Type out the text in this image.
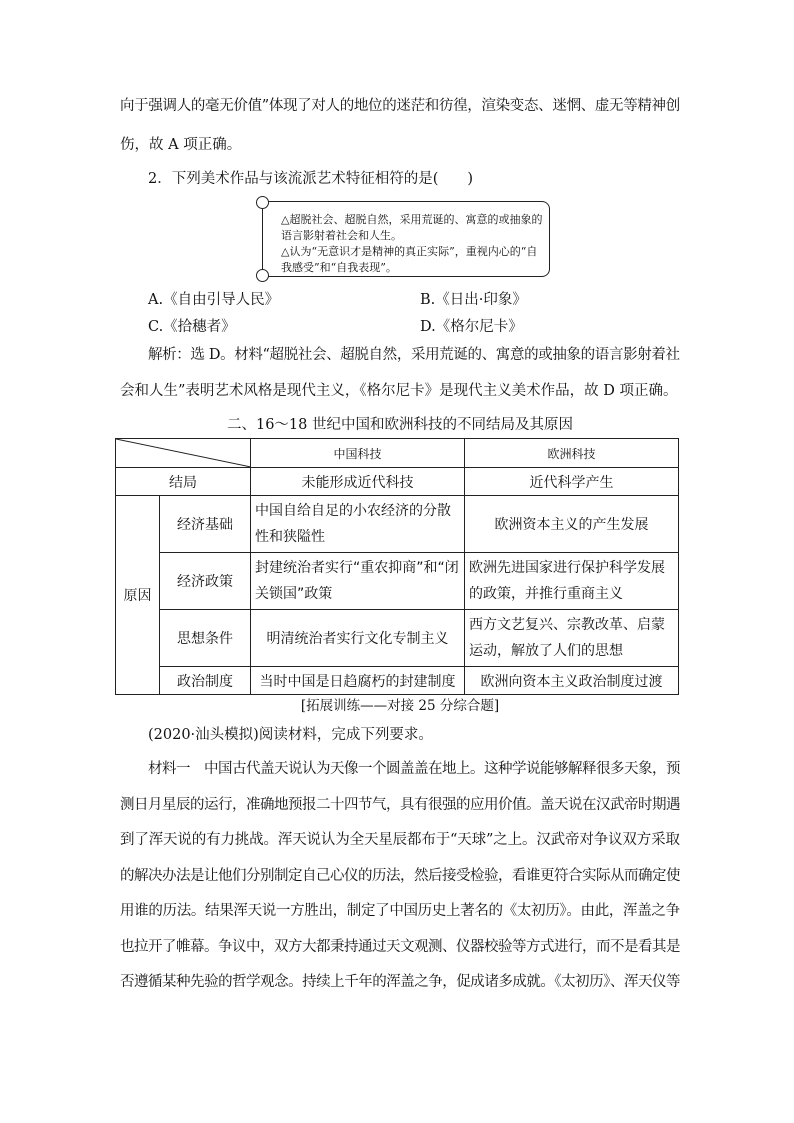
向于强调人的毫无价值”体现了对人的地位的迷茫和彷徨，渲染变态、迷惘、虚无等精神创
伤，故 A 项正确。
2．下列美术作品与该流派艺术特征相符的是(　　)
△超脱社会、超脱自然，采用荒诞的、寓意的或抽象的语言影射着社会和人生。
△认为“无意识才是精神的真正实际”，重视内心的“自我感受”和“自我表现”。
A.《自由引导人民》	B.《日出·印象》
C.《拾穗者》	D.《格尔尼卡》
解析：选 D。材料“超脱社会、超脱自然，采用荒诞的、寓意的或抽象的语言影射着社
会和人生”表明艺术风格是现代主义，《格尔尼卡》是现代主义美术作品，故 D 项正确。
二、16～18 世纪中国和欧洲科技的不同结局及其原因
	中国科技	欧洲科技
结局		未能形成近代科技	近代科学产生
原因	经济基础	中国自给自足的小农经济的分散性和狭隘性	欧洲资本主义的产生发展
	经济政策	封建统治者实行“重农抑商”和“闭关锁国”政策	欧洲先进国家进行保护科学发展的政策，并推行重商主义
	思想条件	明清统治者实行文化专制主义	西方文艺复兴、宗教改革、启蒙运动，解放了人们的思想
	政治制度	当时中国是日趋腐朽的封建制度	欧洲向资本主义政治制度过渡
[拓展训练——对接 25 分综合题]
(2020·汕头模拟)阅读材料，完成下列要求。
材料一　中国古代盖天说认为天像一个圆盖盖在地上。这种学说能够解释很多天象，预
测日月星辰的运行，准确地预报二十四节气，具有很强的应用价值。盖天说在汉武帝时期遇
到了浑天说的有力挑战。浑天说认为全天星辰都布于“天球”之上。汉武帝对争议双方采取
的解决办法是让他们分别制定自己心仪的历法，然后接受检验，看谁更符合实际从而确定使
用谁的历法。结果浑天说一方胜出，制定了中国历史上著名的《太初历》。由此，浑盖之争
也拉开了帷幕。争议中，双方大都秉持通过天文观测、仪器校验等方式进行，而不是看其是
否遵循某种先验的哲学观念。持续上千年的浑盖之争，促成诸多成就。《太初历》、浑天仪等
